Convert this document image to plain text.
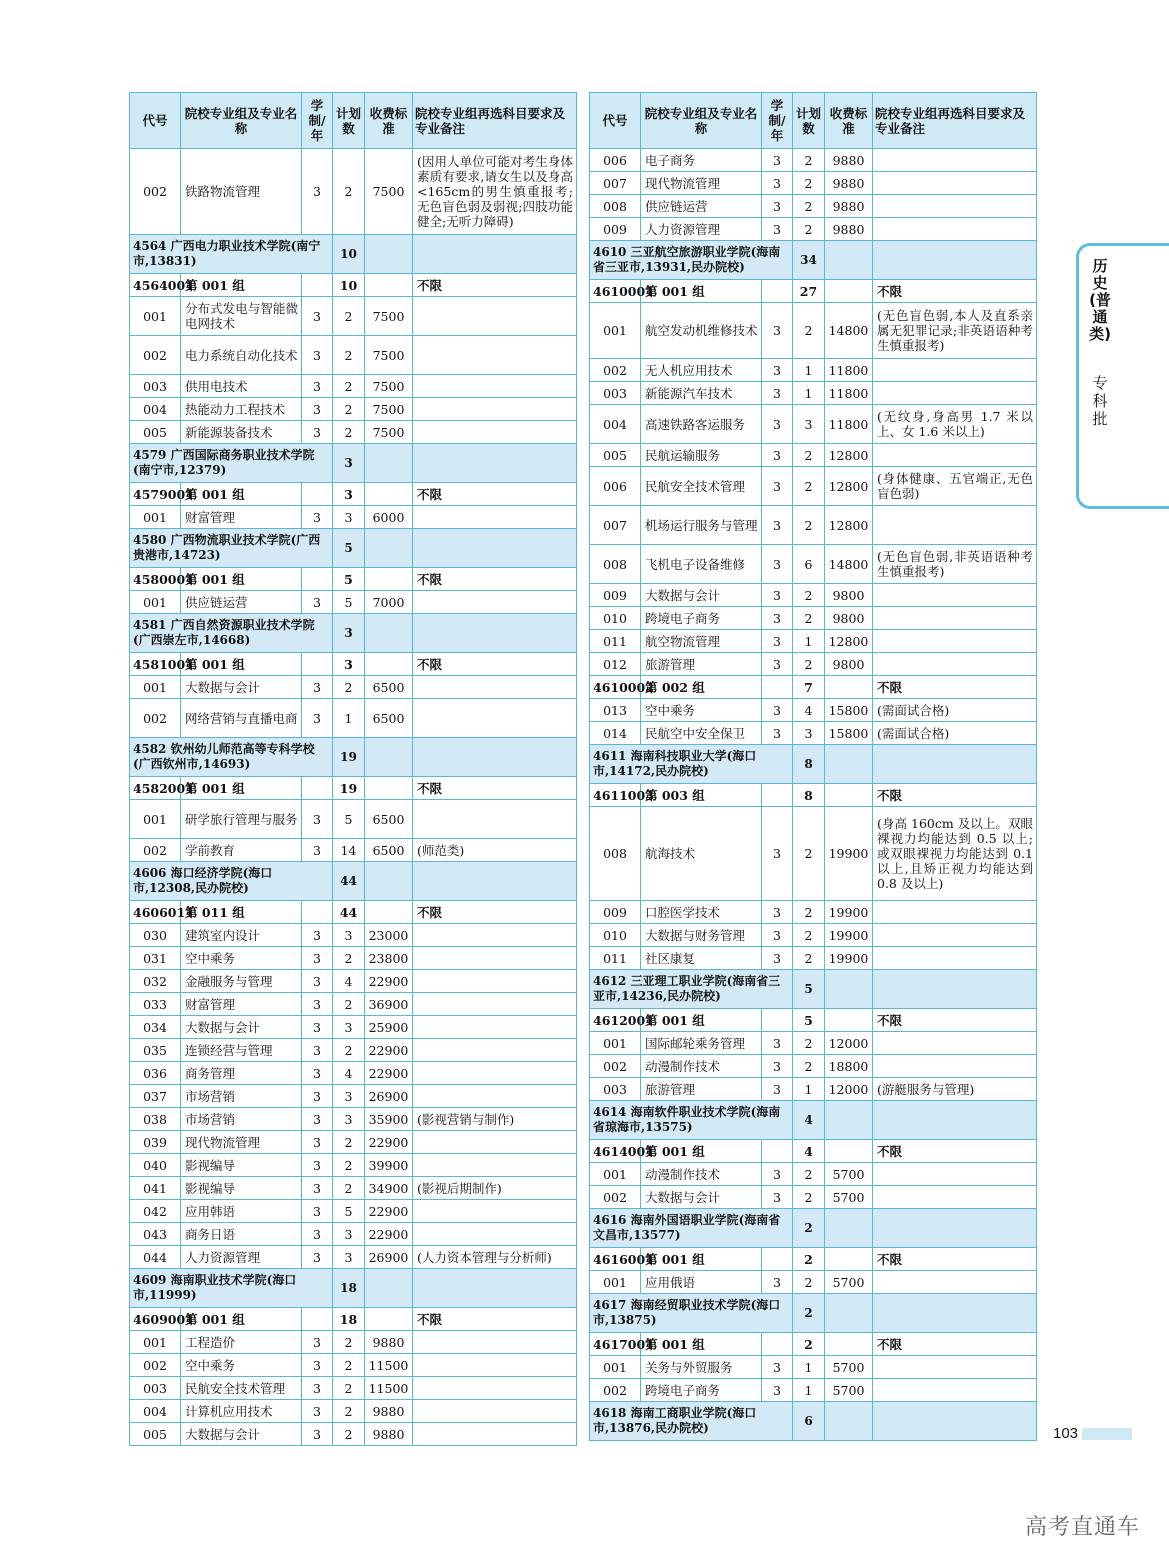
代号	院校专业组及专业名称	学制/年	计划数	收费标准	院校专业组再选科目要求及专业备注
002	铁路物流管理	3	2	7500	(因用人单位可能对考生身体素质有要求,请女生以及身高<165cm的男生慎重报考;无色盲色弱及弱视;四肢功能健全;无听力障碍)
4564 广西电力职业技术学院(南宁市,13831)			10		
4564001	第 001 组		10		不限
001	分布式发电与智能微电网技术	3	2	7500	
002	电力系统自动化技术	3	2	7500	
003	供用电技术	3	2	7500	
004	热能动力工程技术	3	2	7500	
005	新能源装备技术	3	2	7500	
4579 广西国际商务职业技术学院(南宁市,12379)			3		
4579001	第 001 组		3		不限
001	财富管理	3	3	6000	
4580 广西物流职业技术学院(广西贵港市,14723)			5		
4580001	第 001 组		5		不限
001	供应链运营	3	5	7000	
4581 广西自然资源职业技术学院(广西崇左市,14668)			3		
4581001	第 001 组		3		不限
001	大数据与会计	3	2	6500	
002	网络营销与直播电商	3	1	6500	
4582 钦州幼儿师范高等专科学校(广西钦州市,14693)			19		
4582001	第 001 组		19		不限
001	研学旅行管理与服务	3	5	6500	
002	学前教育	3	14	6500	(师范类)
4606 海口经济学院(海口市,12308,民办院校)			44		
4606011	第 011 组		44		不限
030	建筑室内设计	3	3	23000	
031	空中乘务	3	2	23800	
032	金融服务与管理	3	4	22900	
033	财富管理	3	2	36900	
034	大数据与会计	3	3	25900	
035	连锁经营与管理	3	2	22900	
036	商务管理	3	4	22900	
037	市场营销	3	3	26900	
038	市场营销	3	3	35900	(影视营销与制作)
039	现代物流管理	3	2	22900	
040	影视编导	3	2	39900	
041	影视编导	3	2	34900	(影视后期制作)
042	应用韩语	3	5	22900	
043	商务日语	3	3	22900	
044	人力资源管理	3	3	26900	(人力资本管理与分析师)
4609 海南职业技术学院(海口市,11999)			18		
4609001	第 001 组		18		不限
001	工程造价	3	2	9880	
002	空中乘务	3	2	11500	
003	民航安全技术管理	3	2	11500	
004	计算机应用技术	3	2	9880	
005	大数据与会计	3	2	9880	
代号	院校专业组及专业名称	学制/年	计划数	收费标准	院校专业组再选科目要求及专业备注
006	电子商务	3	2	9880	
007	现代物流管理	3	2	9880	
008	供应链运营	3	2	9880	
009	人力资源管理	3	2	9880	
4610 三亚航空旅游职业学院(海南省三亚市,13931,民办院校)			34		
4610001	第 001 组		27		不限
001	航空发动机维修技术	3	2	14800	(无色盲色弱,本人及直系亲属无犯罪记录;非英语语种考生慎重报考)
002	无人机应用技术	3	1	11800	
003	新能源汽车技术	3	1	11800	
004	高速铁路客运服务	3	3	11800	(无纹身,身高男 1.7 米以上、女 1.6 米以上)
005	民航运输服务	3	2	12800	
006	民航安全技术管理	3	2	12800	(身体健康、五官端正,无色盲色弱)
007	机场运行服务与管理	3	2	12800	
008	飞机电子设备维修	3	6	14800	(无色盲色弱,非英语语种考生慎重报考)
009	大数据与会计	3	2	9800	
010	跨境电子商务	3	2	9800	
011	航空物流管理	3	1	12800	
012	旅游管理	3	2	9800	
4610002	第 002 组		7		不限
013	空中乘务	3	4	15800	(需面试合格)
014	民航空中安全保卫	3	3	15800	(需面试合格)
4611 海南科技职业大学(海口市,14172,民办院校)			8		
4611003	第 003 组		8		不限
008	航海技术	3	2	19900	(身高 160cm 及以上。双眼裸视力均能达到 0.5 以上;或双眼裸视力均能达到 0.1 以上,且矫正视力均能达到 0.8 及以上)
009	口腔医学技术	3	2	19900	
010	大数据与财务管理	3	2	19900	
011	社区康复	3	2	19900	
4612 三亚理工职业学院(海南省三亚市,14236,民办院校)			5		
4612001	第 001 组		5		不限
001	国际邮轮乘务管理	3	2	12000	
002	动漫制作技术	3	2	18800	
003	旅游管理	3	1	12000	(游艇服务与管理)
4614 海南软件职业技术学院(海南省琼海市,13575)			4		
4614001	第 001 组		4		不限
001	动漫制作技术	3	2	5700	
002	大数据与会计	3	2	5700	
4616 海南外国语职业学院(海南省文昌市,13577)			2		
4616001	第 001 组		2		不限
001	应用俄语	3	2	5700	
4617 海南经贸职业技术学院(海口市,13875)			2		
4617001	第 001 组		2		不限
001	关务与外贸服务	3	1	5700	
002	跨境电子商务	3	1	5700	
4618 海南工商职业学院(海口市,13876,民办院校)			6		
历史(普通类)
专科批
103
高考直通车
